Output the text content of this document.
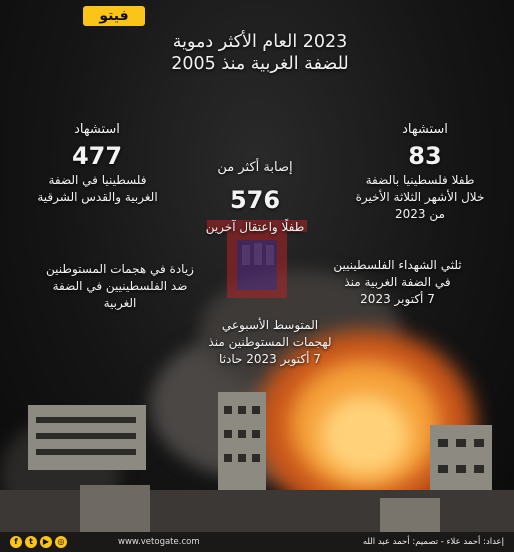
فيتو

2023 العام الأكثر دموية

للضفة الغربية منذ 2005

استشهاد

83

طفلا فلسطينيا بالضفة

خلال الأشهر الثلاثة الأخيرة

من 2023

إصابة أكثر من

576

طفلًا واعتقال آخرين

استشهاد

477

فلسطينيا في الضفة

الغربية والقدس الشرقية

ثلثي الشهداء الفلسطينيين

في الضفة الغربية منذ

7 أكتوبر 2023

زيادة في هجمات المستوطنين

ضد الفلسطينيين في الضفة

الغربية

المتوسط الأسبوعي

لهجمات المستوطنين منذ

7 أكتوبر 2023 حادثا

f	t	▶	◎	www.vetogate.com	إعداد: أحمد علاء - تصميم: أحمد عبد الله
